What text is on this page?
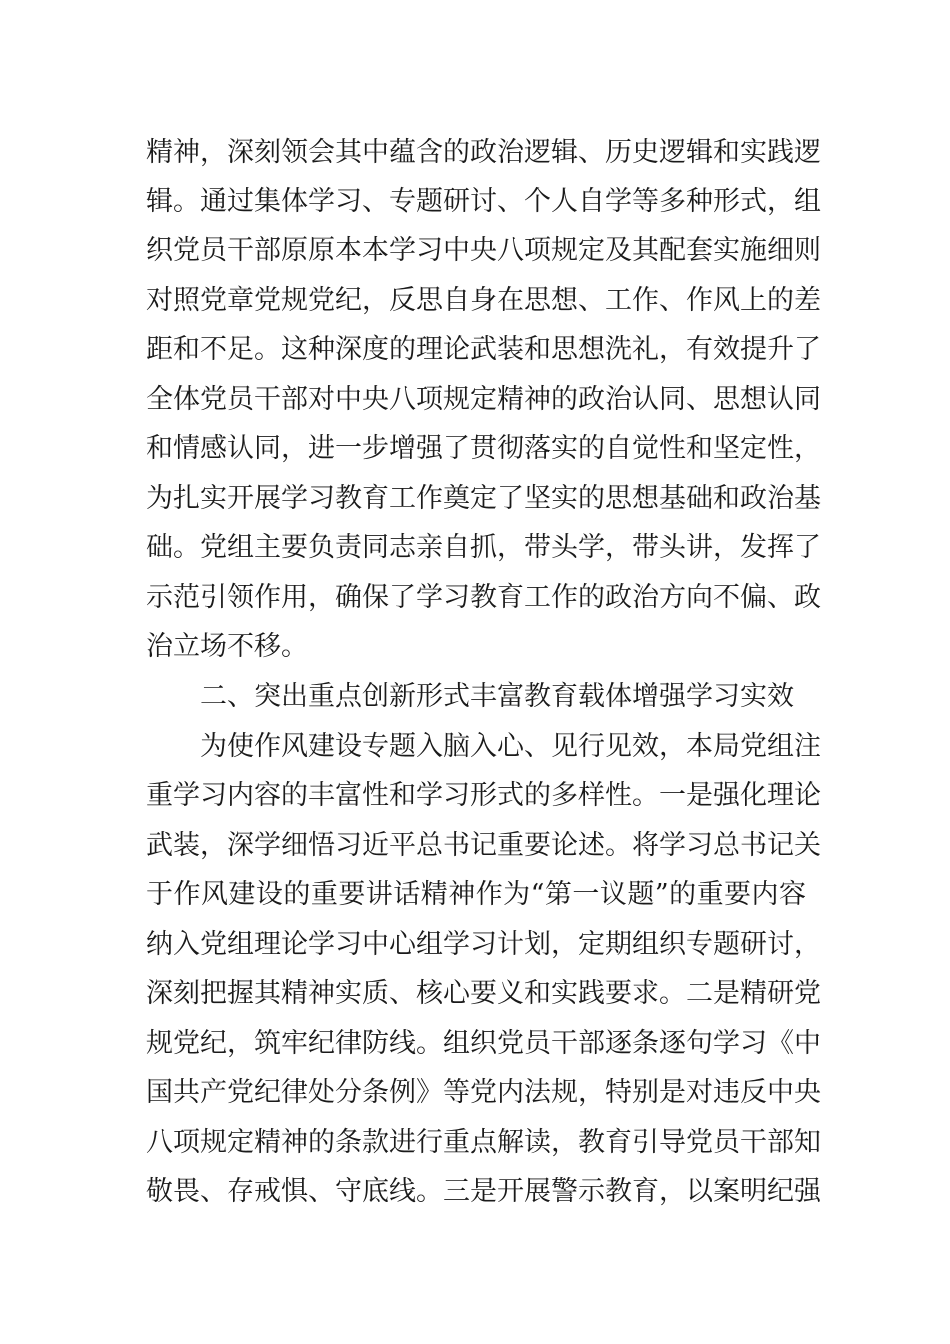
精神，深刻领会其中蕴含的政治逻辑、历史逻辑和实践逻
辑。通过集体学习、专题研讨、个人自学等多种形式，组
织党员干部原原本本学习中央八项规定及其配套实施细则
对照党章党规党纪，反思自身在思想、工作、作风上的差
距和不足。这种深度的理论武装和思想洗礼，有效提升了
全体党员干部对中央八项规定精神的政治认同、思想认同
和情感认同，进一步增强了贯彻落实的自觉性和坚定性，
为扎实开展学习教育工作奠定了坚实的思想基础和政治基
础。党组主要负责同志亲自抓，带头学，带头讲，发挥了
示范引领作用，确保了学习教育工作的政治方向不偏、政
治立场不移。
二、突出重点创新形式丰富教育载体增强学习实效
为使作风建设专题入脑入心、见行见效，本局党组注
重学习内容的丰富性和学习形式的多样性。一是强化理论
武装，深学细悟习近平总书记重要论述。将学习总书记关
于作风建设的重要讲话精神作为“第一议题”的重要内容
纳入党组理论学习中心组学习计划，定期组织专题研讨，
深刻把握其精神实质、核心要义和实践要求。二是精研党
规党纪，筑牢纪律防线。组织党员干部逐条逐句学习《中
国共产党纪律处分条例》等党内法规，特别是对违反中央
八项规定精神的条款进行重点解读，教育引导党员干部知
敬畏、存戒惧、守底线。三是开展警示教育，以案明纪强
